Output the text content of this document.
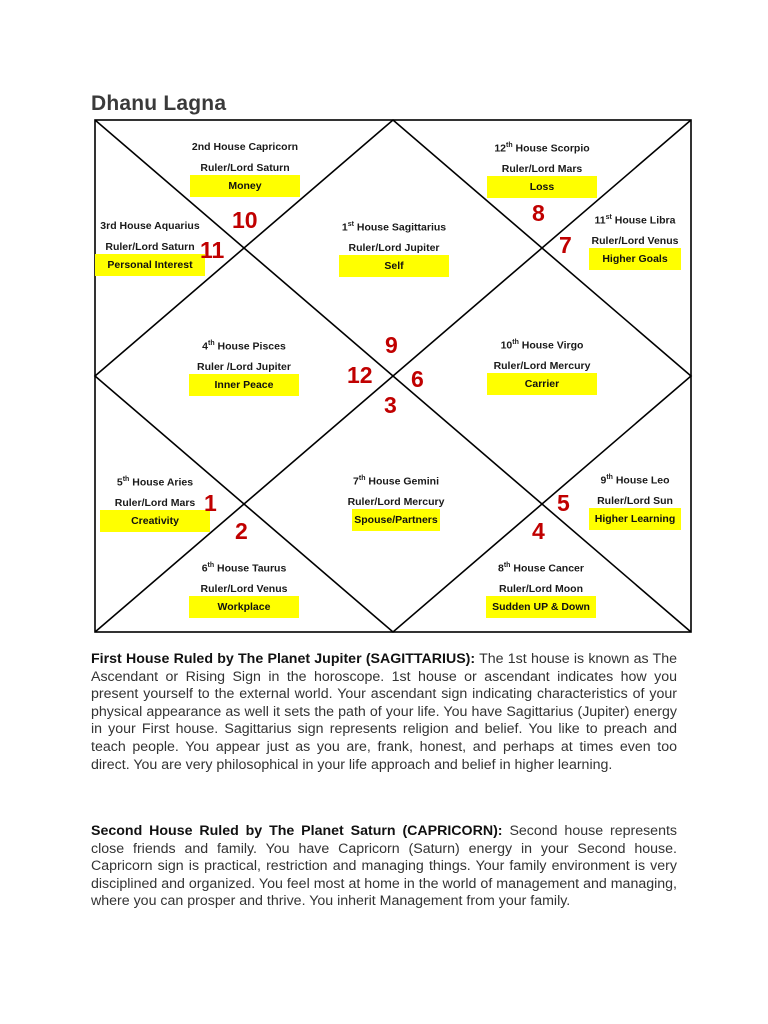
Dhanu Lagna
1st House Sagittarius
Ruler/Lord Jupiter
Self
2nd House Capricorn
Ruler/Lord Saturn
Money
3rd House Aquarius
Ruler/Lord Saturn
Personal Interest
4th House Pisces
Ruler /Lord Jupiter
Inner Peace
5th House Aries
Ruler/Lord Mars
Creativity
6th House Taurus
Ruler/Lord Venus
Workplace
7th House Gemini
Ruler/Lord Mercury
Spouse/Partners
8th House Cancer
Ruler/Lord Moon
Sudden UP & Down
9th House Leo
Ruler/Lord Sun
Higher Learning
10th House Virgo
Ruler/Lord Mercury
Carrier
11st House Libra
Ruler/Lord Venus
Higher Goals
12th House Scorpio
Ruler/Lord Mars
Loss
9
10
11
12
1
2
3
4
5
6
7
8
First House Ruled by The Planet Jupiter (SAGITTARIUS): The 1st house is known as The Ascendant or Rising Sign in the horoscope. 1st house or ascendant indicates how you present yourself to the external world. Your ascendant sign indicating characteristics of your physical appearance as well it sets the path of your life. You have Sagittarius (Jupiter) energy in your First house. Sagittarius sign represents religion and belief. You like to preach and teach people. You appear just as you are, frank, honest, and perhaps at times even too direct. You are very philosophical in your life approach and belief in higher learning.
Second House Ruled by The Planet Saturn (CAPRICORN): Second house represents close friends and family. You have Capricorn (Saturn) energy in your Second house. Capricorn sign is practical, restriction and managing things. Your family environment is very disciplined and organized. You feel most at home in the world of management and managing, where you can prosper and thrive. You inherit Management from your family.
